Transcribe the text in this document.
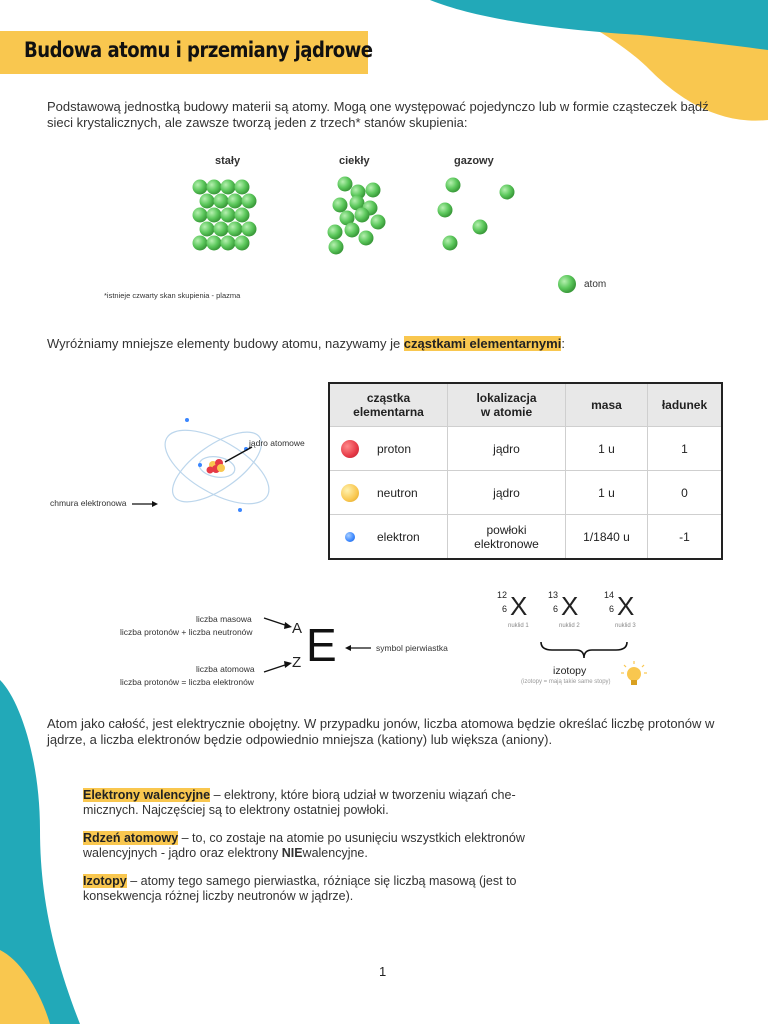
Budowa atomu i przemiany jądrowe
Podstawową jednostką budowy materii są atomy. Mogą one występować pojedynczo lub w formie cząsteczek bądź sieci krystalicznych, ale zawsze tworzą jeden z trzech* stanów skupienia:
stały	ciekły	gazowy
*istnieje czwarty skan skupienia - plazma
atom
Wyróżniamy mniejsze elementy budowy atomu, nazywamy je cząstkami elementarnymi:
jądro atomowe
chmura elektronowa
cząstka
elementarna	lokalizacja
w atomie	masa	ładunek

proton	jądro	1 u	1

neutron	jądro	1 u	0

elektron	powłoki
elektronowe	1/1840 u	-1
liczba masowa
liczba protonów + liczba neutronów
liczba atomowa
liczba protonów = liczba elektronów
A
Z E	symbol pierwiastka
12
6 X
nuklid 1
13
6 X
nuklid 2
14
6 X
nuklid 3
izotopy
(izotopy = mają takie same stopy)
Atom jako całość, jest elektrycznie obojętny. W przypadku jonów, liczba atomowa będzie określać liczbę protonów w jądrze, a liczba elektronów będzie odpowiednio mniejsza (kationy) lub większa (aniony).
Elektrony walencyjne – elektrony, które biorą udział w tworzeniu wiązań che-
micznych. Najczęściej są to elektrony ostatniej powłoki.
Rdzeń atomowy – to, co zostaje na atomie po usunięciu wszystkich elektronów
walencyjnych - jądro oraz elektrony NIEwalencyjne.
Izotopy – atomy tego samego pierwiastka, różniące się liczbą masową (jest to
konsekwencja różnej liczby neutronów w jądrze).
1
